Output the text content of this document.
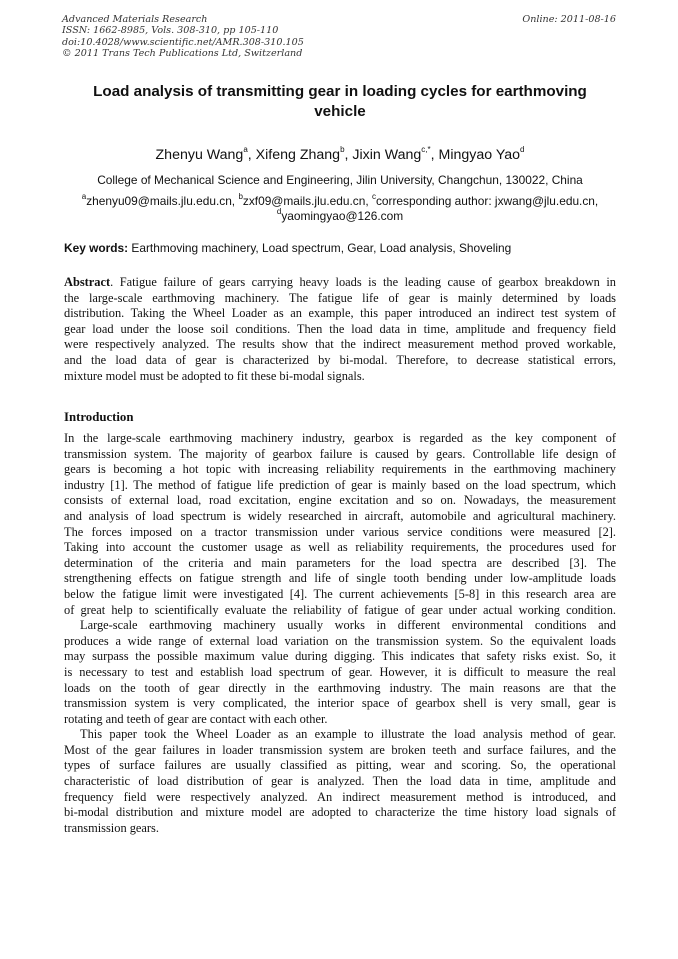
Advanced Materials Research
ISSN: 1662-8985, Vols. 308-310, pp 105-110
doi:10.4028/www.scientific.net/AMR.308-310.105
© 2011 Trans Tech Publications Ltd, Switzerland
Online: 2011-08-16
Load analysis of transmitting gear in loading cycles for earthmoving
vehicle
Zhenyu Wang$^a$, Xifeng Zhang$^b$, Jixin Wang$^{c,*}$, Mingyao Yao$^d$
College of Mechanical Science and Engineering, Jilin University, Changchun, 130022, China
$^a$zhenyu09@mails.jlu.edu.cn, $^b$zxf09@mails.jlu.edu.cn, $^c$corresponding author: jxwang@jlu.edu.cn,
$^d$yaomingyao@126.com
Key words: Earthmoving machinery, Load spectrum, Gear, Load analysis, Shoveling
Abstract. Fatigue failure of gears carrying heavy loads is the leading cause of gearbox breakdown in
the large-scale earthmoving machinery. The fatigue life of gear is mainly determined by loads
distribution. Taking the Wheel Loader as an example, this paper introduced an indirect test system of
gear load under the loose soil conditions. Then the load data in time, amplitude and frequency field
were respectively analyzed. The results show that the indirect measurement method proved workable,
and the load data of gear is characterized by bi-modal. Therefore, to decrease statistical errors,
mixture model must be adopted to fit these bi-modal signals.
Introduction
In the large-scale earthmoving machinery industry, gearbox is regarded as the key component of
transmission system. The majority of gearbox failure is caused by gears. Controllable life design of
gears is becoming a hot topic with increasing reliability requirements in the earthmoving machinery
industry [1]. The method of fatigue life prediction of gear is mainly based on the load spectrum, which
consists of external load, road excitation, engine excitation and so on. Nowadays, the measurement
and analysis of load spectrum is widely researched in aircraft, automobile and agricultural machinery.
The forces imposed on a tractor transmission under various service conditions were measured [2].
Taking into account the customer usage as well as reliability requirements, the procedures used for
determination of the criteria and main parameters for the load spectra are described [3]. The
strengthening effects on fatigue strength and life of single tooth bending under low-amplitude loads
below the fatigue limit were investigated [4]. The current achievements [5-8] in this research area are
of great help to scientifically evaluate the reliability of fatigue of gear under actual working condition.
Large-scale earthmoving machinery usually works in different environmental conditions and
produces a wide range of external load variation on the transmission system. So the equivalent loads
may surpass the possible maximum value during digging. This indicates that safety risks exist. So, it
is necessary to test and establish load spectrum of gear. However, it is difficult to measure the real
loads on the tooth of gear directly in the earthmoving industry. The main reasons are that the
transmission system is very complicated, the interior space of gearbox shell is very small, gear is
rotating and teeth of gear are contact with each other.
This paper took the Wheel Loader as an example to illustrate the load analysis method of gear.
Most of the gear failures in loader transmission system are broken teeth and surface failures, and the
types of surface failures are usually classified as pitting, wear and scoring. So, the operational
characteristic of load distribution of gear is analyzed. Then the load data in time, amplitude and
frequency field were respectively analyzed. An indirect measurement method is introduced, and
bi-modal distribution and mixture model are adopted to characterize the time history load signals of
transmission gears.
